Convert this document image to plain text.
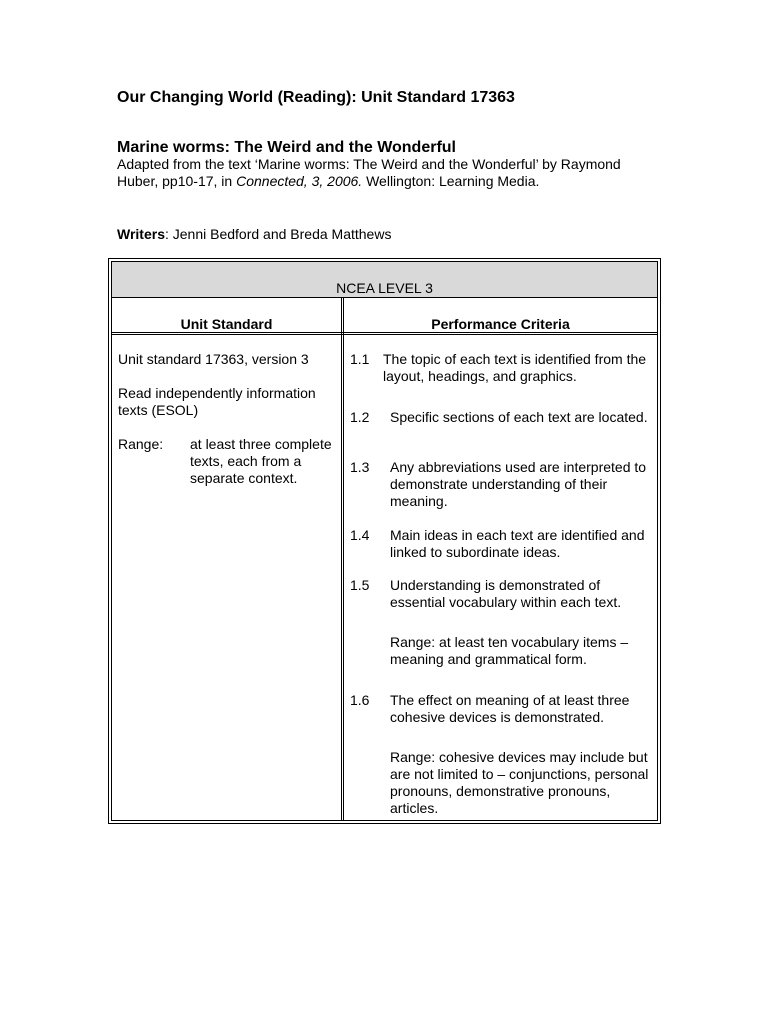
Our Changing World (Reading): Unit Standard 17363
Marine worms: The Weird and the Wonderful

Adapted from the text ‘Marine worms: The Weird and the Wonderful’ by Raymond Huber, pp10-17, in Connected, 3, 2006. Wellington: Learning Media.

Writers: Jenni Bedford and Breda Matthews

NCEA LEVEL 3
Unit Standard	Performance Criteria
Unit standard 17363, version 3
Read independently information texts (ESOL)
Range: at least three complete texts, each from a separate context.
1.1 The topic of each text is identified from the layout, headings, and graphics.
1.2 Specific sections of each text are located.
1.3 Any abbreviations used are interpreted to demonstrate understanding of their meaning.
1.4 Main ideas in each text are identified and linked to subordinate ideas.
1.5 Understanding is demonstrated of essential vocabulary within each text.
Range: at least ten vocabulary items – meaning and grammatical form.
1.6 The effect on meaning of at least three cohesive devices is demonstrated.
Range: cohesive devices may include but are not limited to – conjunctions, personal pronouns, demonstrative pronouns, articles.
